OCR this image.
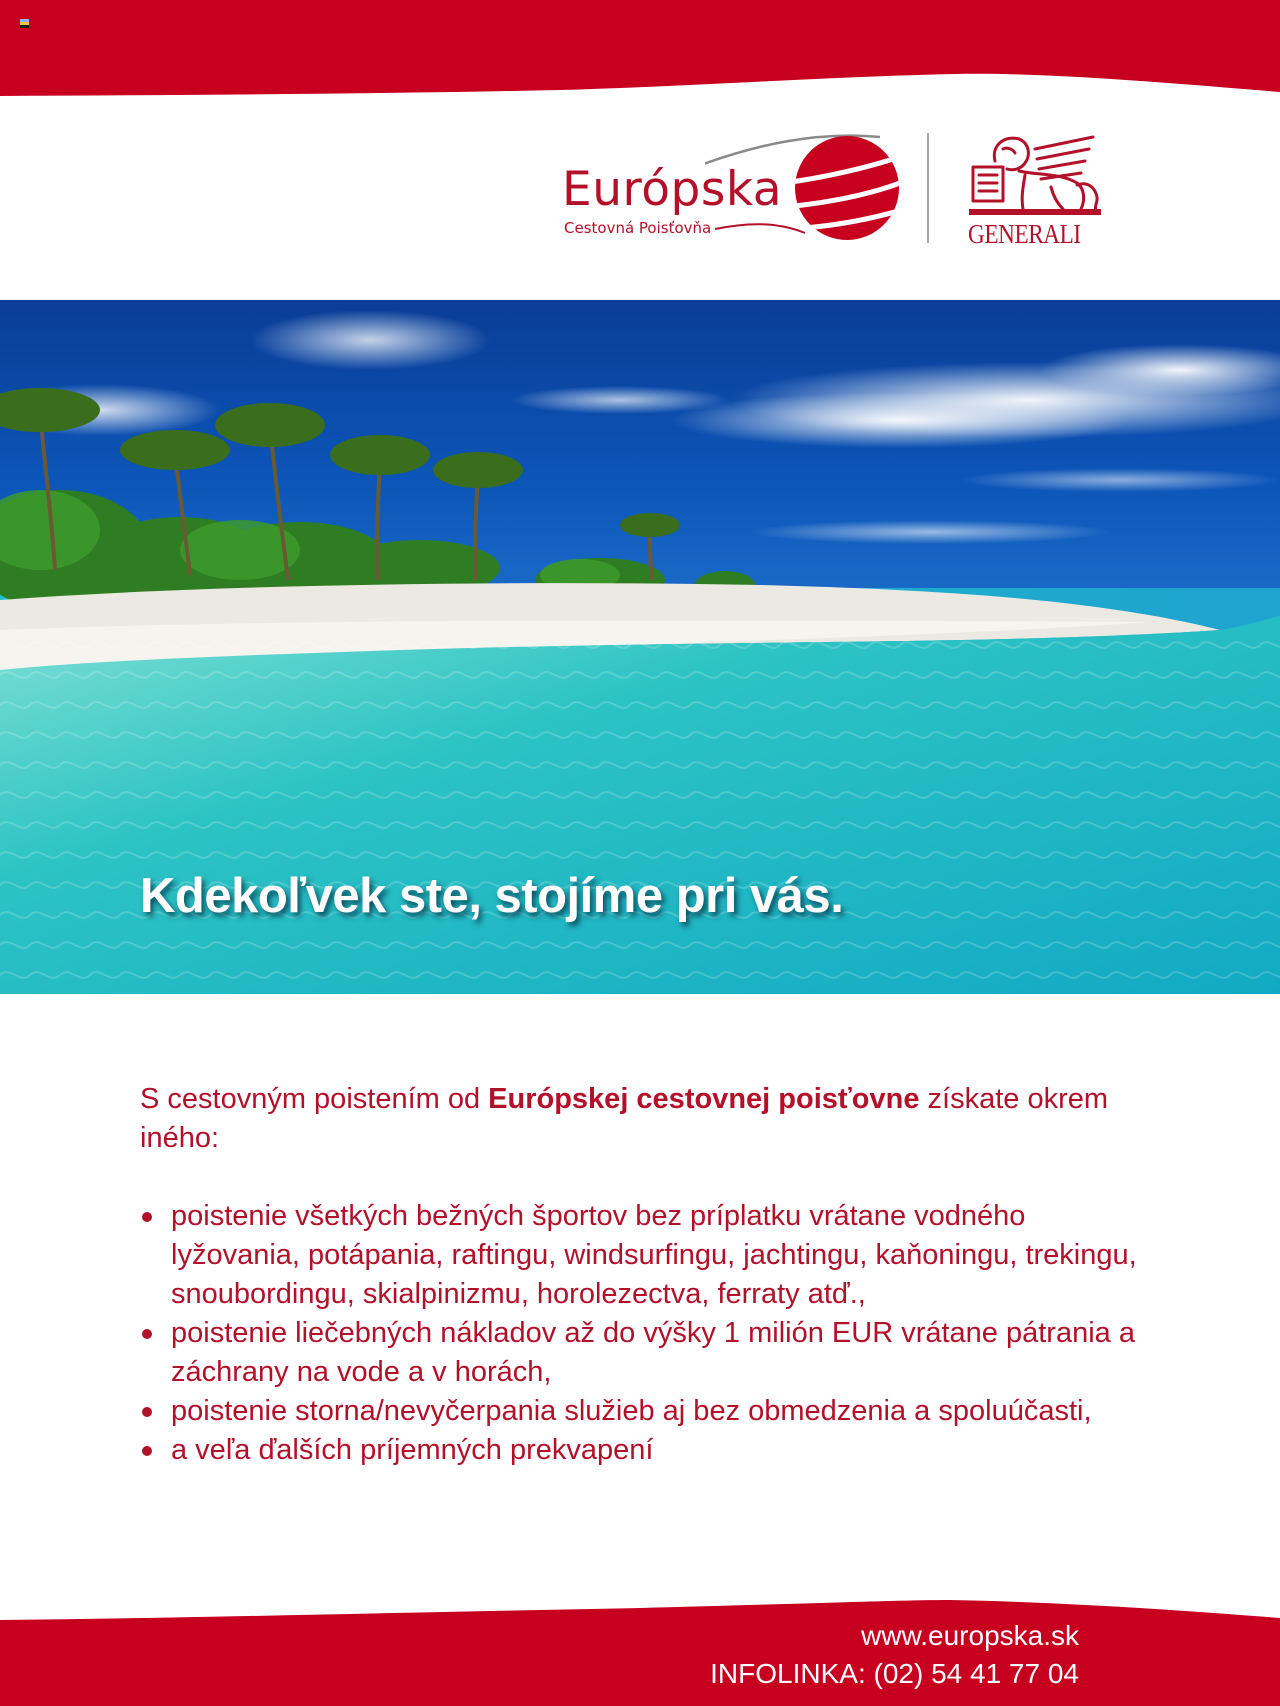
Európska
Cestovná Poisťovňa	GENERALI
Kdekoľvek ste, stojíme pri vás.

S cestovným poistením od Európskej cestovnej poisťovne získate okrem iného:

poistenie všetkých bežných športov bez príplatku vrátane vodného lyžovania, potápania, raftingu, windsurfingu, jachtingu, kaňoningu, trekingu, snoubordingu, skialpinizmu, horolezectva, ferraty atď.,
poistenie liečebných nákladov až do výšky 1 milión EUR vrátane pátrania a záchrany na vode a v horách,
poistenie storna/nevyčerpania služieb aj bez obmedzenia a spoluúčasti,
a veľa ďalších príjemných prekvapení
www.europska.sk
INFOLINKA: (02) 54 41 77 04
